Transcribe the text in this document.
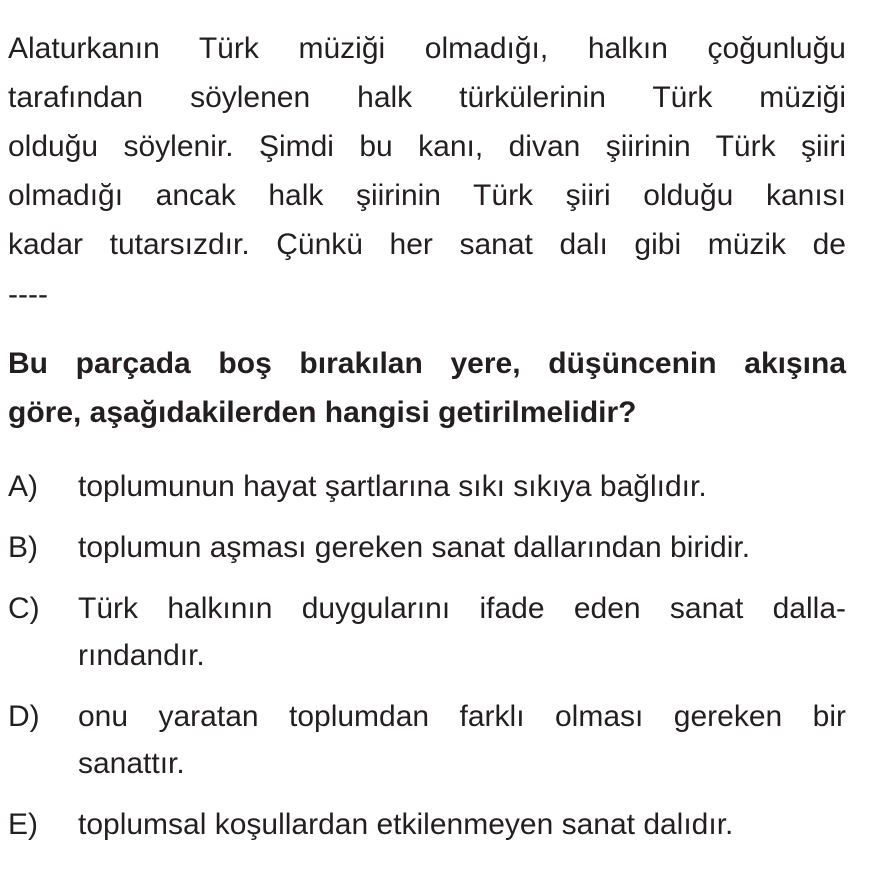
Alaturkanın Türk müziği olmadığı, halkın çoğunluğu
tarafından söylenen halk türkülerinin Türk müziği
olduğu söylenir. Şimdi bu kanı, divan şiirinin Türk şiiri
olmadığı ancak halk şiirinin Türk şiiri olduğu kanısı
kadar tutarsızdır. Çünkü her sanat dalı gibi müzik de
----
Bu parçada boş bırakılan yere, düşüncenin akışına
göre, aşağıdakilerden hangisi getirilmelidir?
A)	toplumunun hayat şartlarına sıkı sıkıya bağlıdır.
B)	toplumun aşması gereken sanat dallarından biridir.
C)	Türk halkının duygularını ifade eden sanat dalla-
rındandır.
D)	onu yaratan toplumdan farklı olması gereken bir
sanattır.
E)	toplumsal koşullardan etkilenmeyen sanat dalıdır.
